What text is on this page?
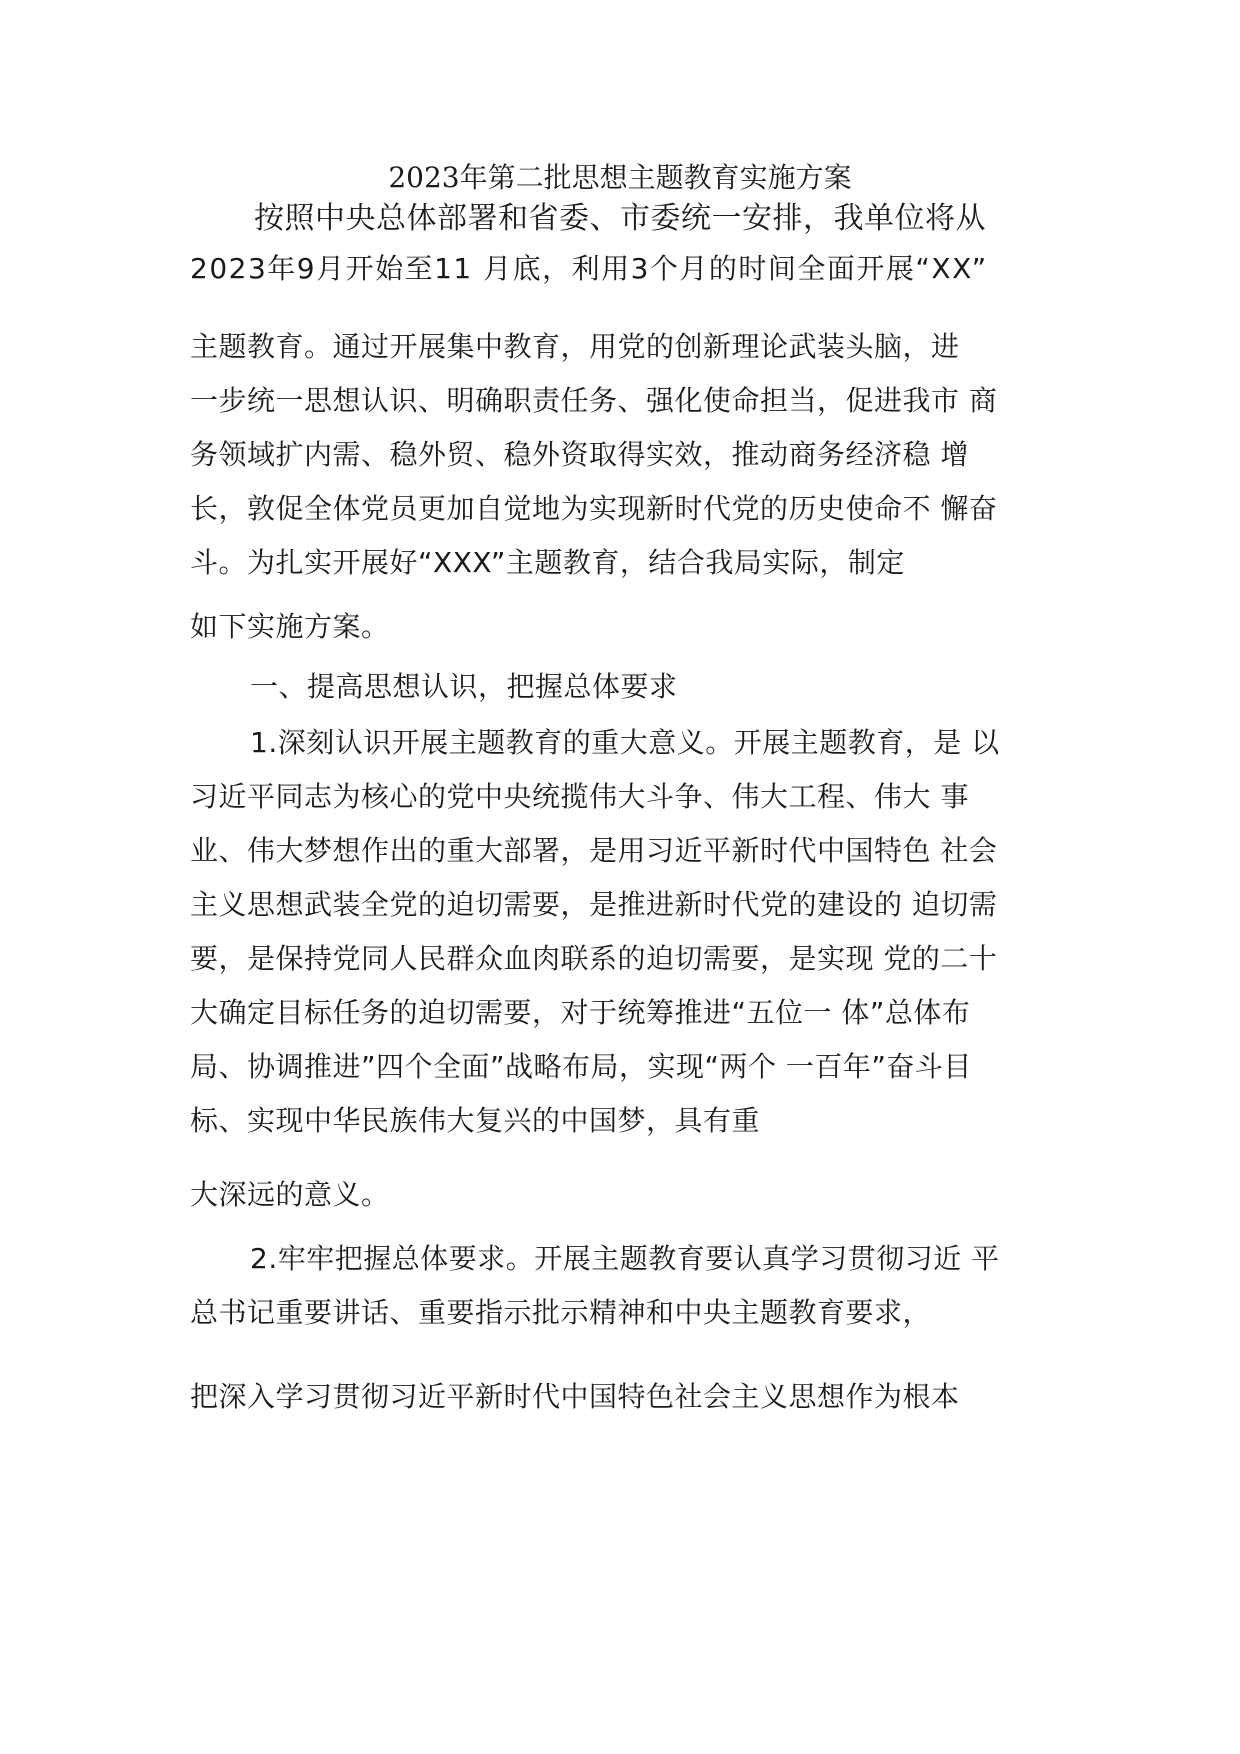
2023年第二批思想主题教育实施方案
按照中央总体部署和省委、市委统一安排，我单位将从
2023年9月开始至11 月底，利用3个月的时间全面开展“XX”
主题教育。通过开展集中教育，用党的创新理论武装头脑，进
一步统一思想认识、明确职责任务、强化使命担当，促进我市 商
务领域扩内需、稳外贸、稳外资取得实效，推动商务经济稳 增
长，敦促全体党员更加自觉地为实现新时代党的历史使命不 懈奋
斗。为扎实开展好“XXX”主题教育，结合我局实际，制定
如下实施方案。
一、提高思想认识，把握总体要求
1.深刻认识开展主题教育的重大意义。开展主题教育，是 以
习近平同志为核心的党中央统揽伟大斗争、伟大工程、伟大 事
业、伟大梦想作出的重大部署，是用习近平新时代中国特色 社会
主义思想武装全党的迫切需要，是推进新时代党的建设的 迫切需
要，是保持党同人民群众血肉联系的迫切需要，是实现 党的二十
大确定目标任务的迫切需要，对于统筹推进“五位一 体”总体布
局、协调推进”四个全面”战略布局，实现“两个 一百年”奋斗目
标、实现中华民族伟大复兴的中国梦，具有重
大深远的意义。
2.牢牢把握总体要求。开展主题教育要认真学习贯彻习近 平
总书记重要讲话、重要指示批示精神和中央主题教育要求，
把深入学习贯彻习近平新时代中国特色社会主义思想作为根本
